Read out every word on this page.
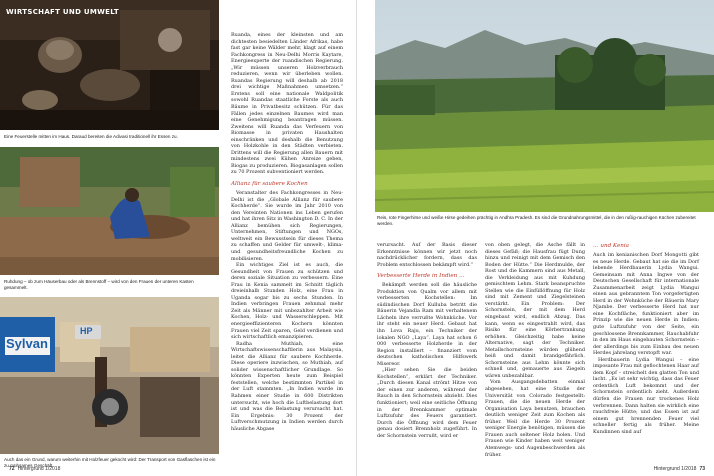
WIRTSCHAFT UND UMWELT
Eine Feuerstelle mitten im Haus. Daraud bereiten die Adivasi traditionell ihr Essen zu.
Ruhdung – ob zum Häuserbau oder als Brennstoff – wird von den Frauen der unteren Kasten gesammelt.
Sylvan
HP
Auch das ein Grund, warum weiterhin mit Holzfeuer gekocht wird: Der Transport von Gasflaschen ist ein zu mühsames Geschäft.

Ruanda, eines der kleinsten und am dichtesten besiedelten Länder Afrikas, habe fast gar keine Wälder mehr, klagt auf einem Fachkongress in Neu-Delhi Morris Kaytare, Energieexperte der ruandischen Regierung. „Wir müssen unseren Holzverbrauch reduzieren, wenn wir überleben wollen. Ruandas Regierung will deshalb ab 2018 drei wichtige Maßnahmen umsetzen.“ Erstens soll eine nationale Waldpolitik sowohl Ruandas staatliche Forste als auch Bäume in Privatbesitz schützen. Für das Fällen jedes einzelnen Baumes wird man eine Genehmigung beantragen müssen. Zweitens will Ruanda das Verfeuern von Biomasse in privaten Haushalten einschränken und deshalb die Benutzung von Holzkohle in den Städten verbieten. Drittens will die Regierung allen Bauern mit mindestens zwei Kühen Anreize geben, Biogas zu produzieren. Biogasanlagen sollen zu 70 Prozent subventioniert werden.

Allianz für saubere Kochen

Veranstalter des Fachkongresses in Neu-Delhi ist die „Globale Allianz für saubere Kochherde“. Sie wurde im Jahr 2010 von den Vereinten Nationen ins Leben gerufen und hat ihren Sitz in Washington D. C. In der Allianz bemühen sich Regierungen, Unternehmen, Stiftungen und NGOs, weltweit ein Bewusstsein für dieses Thema zu schaffen und Gelder für umwelt-, klima- und gesundheitsfreundliche Kochen zu mobilisieren.

Ein wichtiges Ziel ist es auch, die Gesundheit von Frauen zu schützen und deren soziale Situation zu verbessern. Eine Frau in Kenia sammelt im Schnitt täglich dreieinhalb Stunden Holz, eine Frau in Uganda sogar bis zu sechs Stunden. In Indien verbringen Frauen zehnmal mehr Zeit als Männer mit unbezahlter Arbeit wie Kochen, Holz- und Wasserschleppen. Mit energieeffizienteren Kochern könnten Frauen viel Zeit sparen, Geld verdienen und sich wirtschaftlich emanzipieren.

Radha Muthiah, eine Wirtschaftswissenschaftlerin aus Malaysia, leitet die Allianz für saubere Kochherde. Diese operiere inzwischen, so Muthiah, auf solider wissenschaftlicher Grundlage. So könnten Experten heute zum Beispiel feststellen, welche bestimmten Partikel in der Luft stammten. „In Indien wurde im Rahmen einer Studie in 600 Distrikten untersucht, wie hoch die Luftbelastung dort ist und was die Belastung verursacht hat. Ein Ergebnis: 30 Prozent der Luftverschmutzung in Indien werden durch häusliche Abgase

72 Hintergrund 1/2018
Reis, rote Fingerhirse und weiße Hirse gedeihen prächtig in Andhra Pradesh. Es sind die Grundnahrungsmittel, die in den rußig-rauchigen Küchen zubereitet werden.

verursacht. Auf der Basis dieser Erkenntnisse können wir jetzt noch nachdrücklicher fordern, dass das Problem entschlossen bekämpft wird.“

Verbesserte Herde in Indien …

Bekämpft werden soll die häusliche Produktion von Qualm vor allem mit verbesserten Kochstellen: Im südindischen Dorf Kulluba betritt die Bäuerin Vejandla Ram mit verhaltenem Lächeln ihre verrußte Wohnküche. Vor ihr steht ein neuer Herd. Gebaut hat ihn Lova Raju, ein Techniker der lokalen NGO „Laya“. Laya hat schon 6 000 verbesserte Holzherde in der Region installiert – finanziert vom deutschen katholischen Hilfswerk Misereor.

„Hier sehen Sie die beiden Kochstellen“, erklärt der Techniker. „Durch diesen Kanal strömt Hitze von der einen zur anderen, während der Rauch in den Schornstein abzieht. Dies funktioniert; weil eine seitliche Öffnung in der Brennkammer optimale Luftzufuhr des Feuers garantiert. Durch die Öffnung wird dem Feuer genau dosiert Brennholz zugeführt. In der Schornstein verrußt, wird er

von oben gelegt, die Asche fällt in dieses Gefäß; die Hausfrau fügt Dung hinzu und reinigt mit dem Gemisch den Boden der Hütte.“ Die Herdmulde, der Rost und die Kammern sind aus Metall, die Verkleidung aus mit Kuhdung gemischtem Lehm. Stark beanspruchte Stellen wie die Einfüllöffnung für Holz sind mit Zement und Ziegelsteinen verstärkt. Ein Problem: Der Schornstein, der mit dem Herd eingebaut wird, endlich Abzug. Das kann, wenn es eingestrahlt wird, das Risiko für eine Körbertrankung erhöhen. Gleichzeitig habe keine Alternative, sagt der Techniker. Metallschornsteine würden glühend heiß und damit brandgefährlich. Schornsteine aus Lehm könnte sich schnell und, gemauerte aus Ziegeln wären unbezahlbar.

Vom Ausgangsdebatten einmal abgesehen, hat eine Studie der Universität von Colorado festgestellt: Frauen, die die neuen Herde der Organisation Laya benutzen, brauchen deutlich weniger Zeit zum Kochen als früher. Weil die Herde 30 Prozent weniger Energie benötigen, müssen die Frauen auch seltener Holz holen. Und Frauen wie Kinder haben weit weniger Atemwegs- und Augenbeschwerden als früher.

… und Kenia

Auch im kenianischen Dorf Mongotti gibt es neue Herde. Gebaut hat sie die im Dorf lebende Herdbauerin Lydia Wangui. Gemeinsam mit Anna Ingwe von der Deutschen Gesellschaft für internationale Zusammenarbeit zeigt Lydia Wangui einen aus gebranntem Ton vorgefertigten Herd in der Wohnküche der Bäuerin Mary Njambe. Der verbesserte Herd hat nur eine Kochfläche, funktioniert aber im Prinzip wie die neuen Herde in Indien: gute Luftzufuhr von der Seite, ein geschlossene Brennkammer, Rauchabfuhr in den im Haus eingebauten Schornstein – der allerdings bis zum Einbau des neuen Herdes jahrelang verstopft war.

Herdbauerin Lydia Wangui – eine imposante Frau mit geflochtenen Haar auf dem Kopf – streichelt den glatten Ton und lacht. „Es ist sehr wichtig, dass das Feuer ordentlich Luft bekommt und der Schornstein ordentlich zieht. Außerdem dürfen die Frauen nur trockenes Holz verbrennen. Dann halten sie wirklich eine rauchfreie Hütte; und das Essen ist auf einem gut brennenden Feuer viel schneller fertig als früher. Meine Kundinnen sind auf

Hintergrund 1/2018 73
